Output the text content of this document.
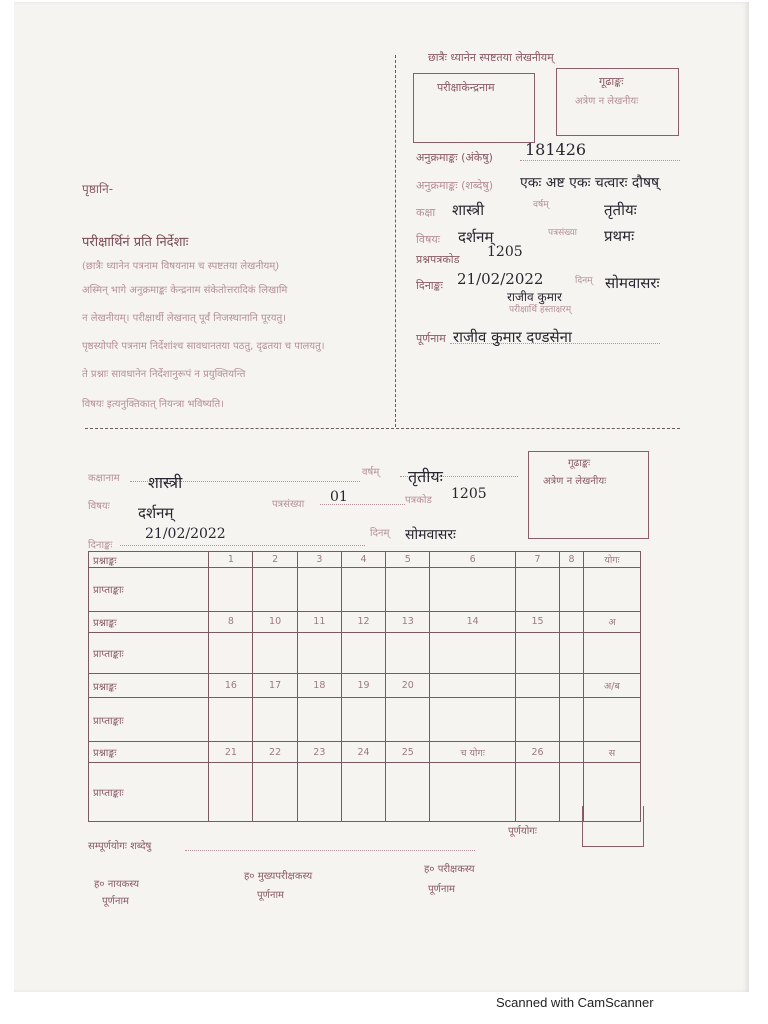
छात्रैः ध्यानेन स्पष्टतया लेखनीयम्
परीक्षाकेन्द्रनाम	गूढाङ्कः
अत्रेण न लेखनीयः
अनुक्रमाङ्कः (अंकेषु) 181426
अनुक्रमाङ्कः (शब्देषु) एकः अष्ट एकः चत्वारः दौषष्
कक्षा शास्त्री	वर्षम्	तृतीयः
विषयः दर्शनम्	पत्रसंख्या प्रथमः
प्रश्नपत्रकोड 1205
दिनाङ्कः 21/02/2022	दिनम् सोमवासरः
राजीव कुमार
परीक्षार्थि हस्ताक्षरम्
पूर्णनाम राजीव कुमार दण्डसेना
पृष्ठानि-
परीक्षार्थिनं प्रति निर्देशाः
(छात्रैः ध्यानेन पत्रनाम विषयनाम च स्पष्टतया लेखनीयम्)
अस्मिन् भागे अनुक्रमाङ्कः केन्द्रनाम संकेतोत्तरादिकं लिखामि
न लेखनीयम्। परीक्षार्थी लेखनात् पूर्वं निजस्थानानि पूरयतु।
पृष्ठस्योपरि पत्रनाम निर्देशांश्च सावधानतया पठतु, दृढतया च पालयतु।
ते प्रश्नाः सावधानेन निर्देशानुरूपं न प्रयुक्तियन्ति
विषयः इत्यनुक्तिकात् नियन्त्रा भविष्यति।
कक्षानाम शास्त्री
वर्षम् तृतीयः
गूढाङ्कः
अत्रेण न लेखनीयः
विषयः दर्शनम्	पत्रसंख्या 01	पत्रकोड 1205
दिनाङ्कः
21/02/2022	दिनम् सोमवासरः
प्रश्नाङ्कः	1	2	3	4	5	6	7	8	योगः
प्राप्ताङ्काः									
प्रश्नाङ्कः	8	10	11	12	13	14	15		अ
प्राप्ताङ्काः									
प्रश्नाङ्कः	16	17	18	19	20				अ/ब
प्राप्ताङ्काः									
प्रश्नाङ्कः	21	22	23	24	25	च योगः	26		स
प्राप्ताङ्काः									
पूर्णयोगः
सम्पूर्णयोगः शब्देषु
ह० नायकस्य
पूर्णनाम
ह० मुख्यपरीक्षकस्य
पूर्णनाम
ह० परीक्षकस्य
पूर्णनाम
Scanned with CamScanner
